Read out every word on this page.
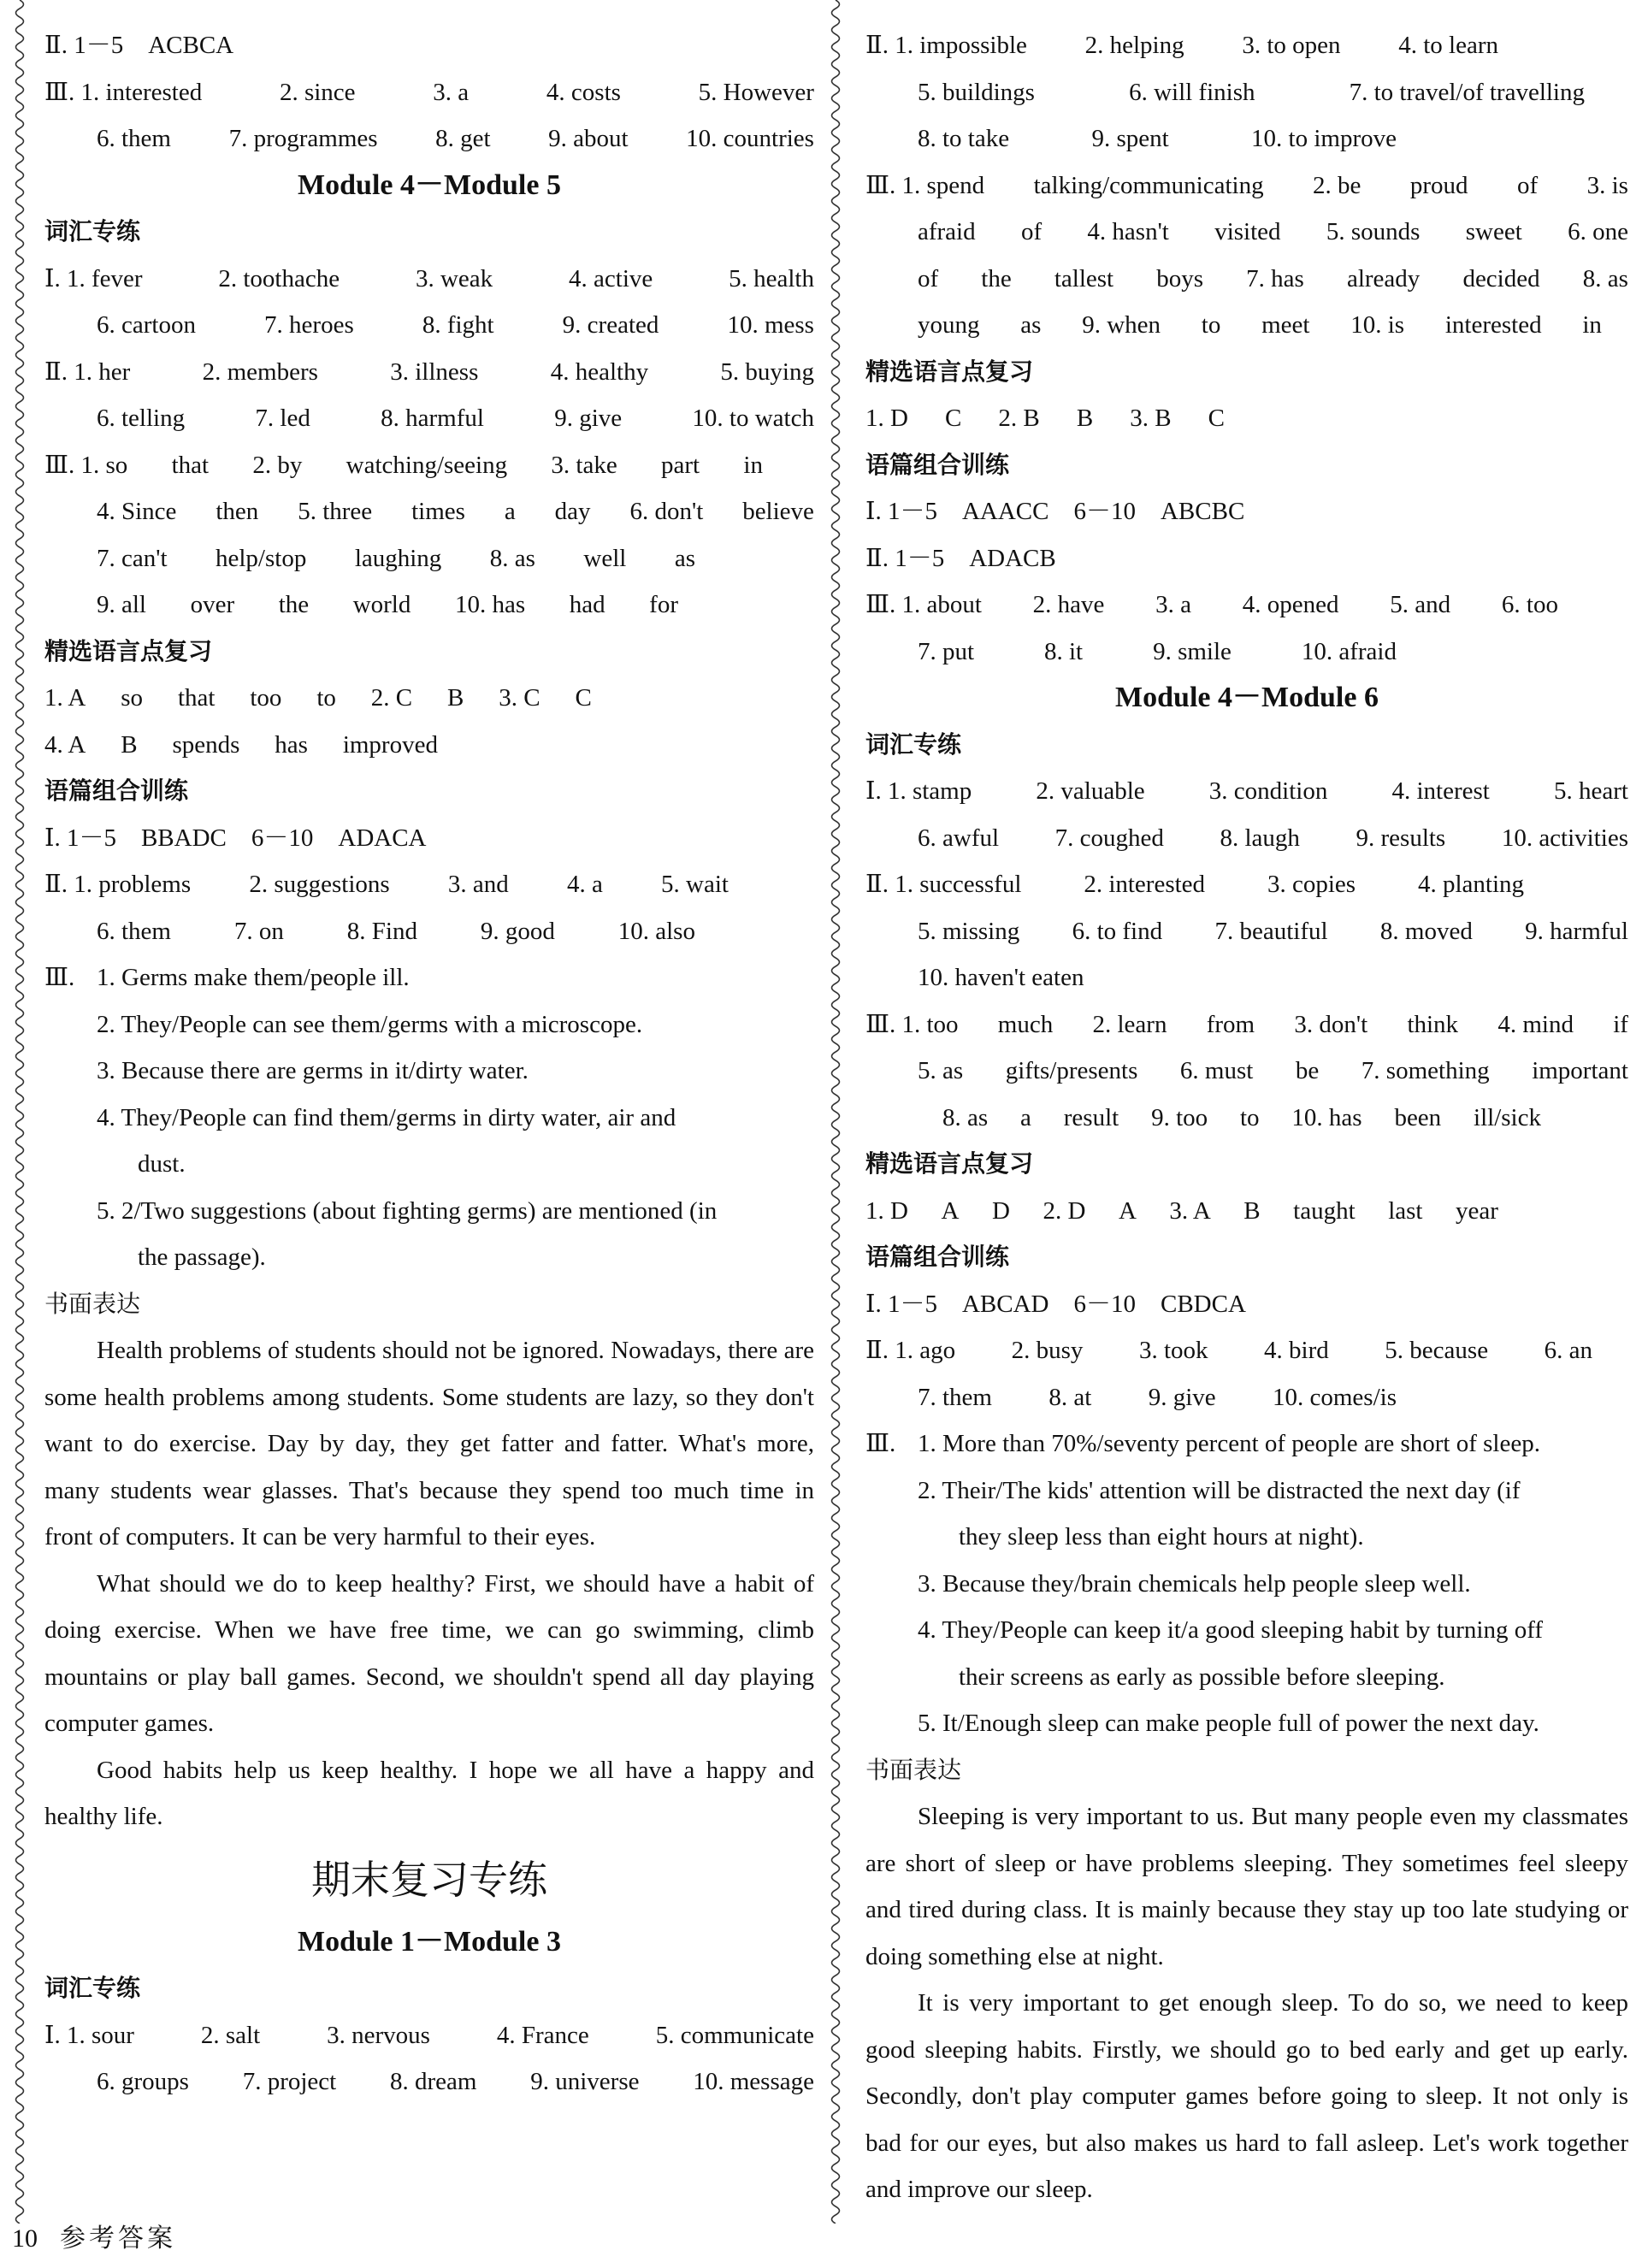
Ⅱ. 1－5　ACBCA
Ⅲ. 1. interested	2. since	3. a	4. costs	5. However
6. them 7. programmes 8. get 9. about 10. countries
Module 4－Module 5
词汇专练
Ⅰ. 1. fever	2. toothache	3. weak	4. active	5. health
6. cartoon	7. heroes	8. fight	9. created	10. mess
Ⅱ. 1. her	2. members	3. illness	4. healthy	5. buying
6. telling	7. led	8. harmful	9. give	10. to watch
Ⅲ. 1. so that 2. by watching/seeing 3. take part in
4. Since then 5. three times a day 6. don't believe
7. can't help/stop laughing 8. as well as
9. all over the world 10. has had for
精选语言点复习
1. A so that too to 2. C B 3. C C
4. A B spends has improved
语篇组合训练
Ⅰ. 1－5　BBADC　6－10　ADACA
Ⅱ. 1. problems 2. suggestions 3. and 4. a 5. wait
6. them	7. on	8. Find	9. good	10. also
Ⅲ. 1. Germs make them/people ill.
2. They/People can see them/germs with a microscope.
3. Because there are germs in it/dirty water.
4. They/People can find them/germs in dirty water, air and
dust.
5. 2/Two suggestions (about fighting germs) are mentioned (in
the passage).
书面表达
Health problems of students should not be ignored. Nowadays, there are some health problems among students. Some students are lazy, so they don't want to do exercise. Day by day, they get fatter and fatter. What's more, many students wear glasses. That's because they spend too much time in front of computers. It can be very harmful to their eyes.
What should we do to keep healthy? First, we should have a habit of doing exercise. When we have free time, we can go swimming, climb mountains or play ball games. Second, we shouldn't spend all day playing computer games.
Good habits help us keep healthy. I hope we all have a happy and healthy life.
期末复习专练
Module 1－Module 3
词汇专练
Ⅰ. 1. sour	2. salt	3. nervous	4. France	5. communicate
6. groups 7. project 8. dream 9. universe 10. message
Ⅱ. 1. impossible 2. helping 3. to open 4. to learn
5. buildings	6. will finish	7. to travel/of travelling
8. to take	9. spent	10. to improve
Ⅲ. 1. spend talking/communicating 2. be proud of 3. is
afraid of 4. hasn't visited 5. sounds sweet 6. one
of the tallest boys 7. has already decided 8. as
young as 9. when to meet 10. is interested in
精选语言点复习
1. D C 2. B B 3. B C
语篇组合训练
Ⅰ. 1－5　AAACC　6－10　ABCBC
Ⅱ. 1－5　ADACB
Ⅲ. 1. about 2. have 3. a 4. opened 5. and 6. too
7. put	8. it	9. smile	10. afraid
Module 4－Module 6
词汇专练
Ⅰ. 1. stamp	2. valuable	3. condition	4. interest	5. heart
6. awful 7. coughed 8. laugh 9. results 10. activities
Ⅱ. 1. successful	2. interested	3. copies	4. planting
5. missing 6. to find 7. beautiful 8. moved 9. harmful
10. haven't eaten
Ⅲ. 1. too much 2. learn from 3. don't think 4. mind if
5. as gifts/presents 6. must be 7. something important
8. as a result 9. too to 10. has been ill/sick
精选语言点复习
1. D A D 2. D A 3. A B taught last year
语篇组合训练
Ⅰ. 1－5　ABCAD　6－10　CBDCA
Ⅱ. 1. ago 2. busy 3. took 4. bird 5. because 6. an
7. them 8. at 9. give 10. comes/is
Ⅲ. 1. More than 70%/seventy percent of people are short of sleep.
2. Their/The kids' attention will be distracted the next day (if
they sleep less than eight hours at night).
3. Because they/brain chemicals help people sleep well.
4. They/People can keep it/a good sleeping habit by turning off
their screens as early as possible before sleeping.
5. It/Enough sleep can make people full of power the next day.
书面表达
Sleeping is very important to us. But many people even my classmates are short of sleep or have problems sleeping. They sometimes feel sleepy and tired during class. It is mainly because they stay up too late studying or doing something else at night.
It is very important to get enough sleep. To do so, we need to keep good sleeping habits. Firstly, we should go to bed early and get up early. Secondly, don't play computer games before going to sleep. It not only is bad for our eyes, but also makes us hard to fall asleep. Let's work together and improve our sleep.
10 参考答案
